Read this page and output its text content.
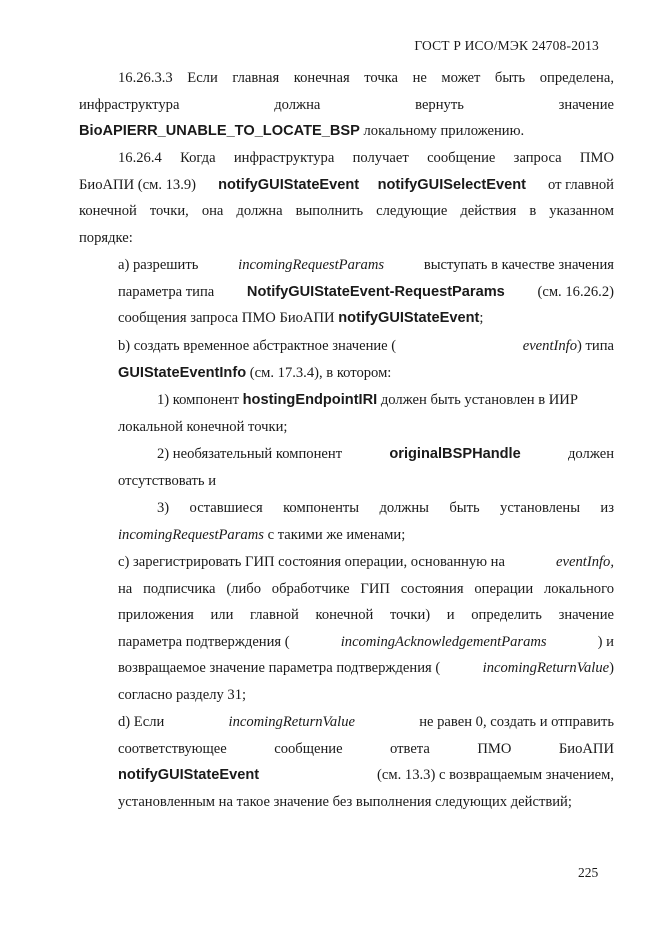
ГОСТ Р ИСО/МЭК 24708-2013
16.26.3.3 Если главная конечная точка не может быть определена,
инфраструктура должна вернуть значение
BioAPIERR_UNABLE_TO_LOCATE_BSP локальному приложению.
16.26.4 Когда инфраструктура получает сообщение запроса ПМО
БиоАПИ (см. 13.9) notifyGUIStateEvent notifyGUISelectEvent от главной
конечной точки, она должна выполнить следующие действия в указанном
порядке:
а) разрешить incomingRequestParams выступать в качестве значения
параметра типа NotifyGUIStateEvent-RequestParams (см. 16.26.2)
сообщения запроса ПМО БиоАПИ notifyGUIStateEvent;
b) создать временное абстрактное значение (	eventInfo) типа
GUIStateEventInfo (см. 17.3.4), в котором:
1) компонент hostingEndpointIRI должен быть установлен в ИИР
локальной конечной точки;
2) необязательный компонент	originalBSPHandle	должен
отсутствовать и
3) оставшиеся компоненты должны быть установлены из
incomingRequestParams с такими же именами;
с) зарегистрировать ГИП состояния операции, основанную на	eventInfo,
на подписчика (либо обработчике ГИП состояния операции локального
приложения или главной конечной точки) и определить значение
параметра подтверждения (	incomingAcknowledgementParams	) и
возвращаемое значение параметра подтверждения (	incomingReturnValue)
согласно разделу 31;
d) Если	incomingReturnValue	не равен 0, создать и отправить
соответствующее сообщение ответа ПМО БиоАПИ
notifyGUIStateEvent	(см. 13.3) с возвращаемым значением,
установленным на такое значение без выполнения следующих действий;
225
